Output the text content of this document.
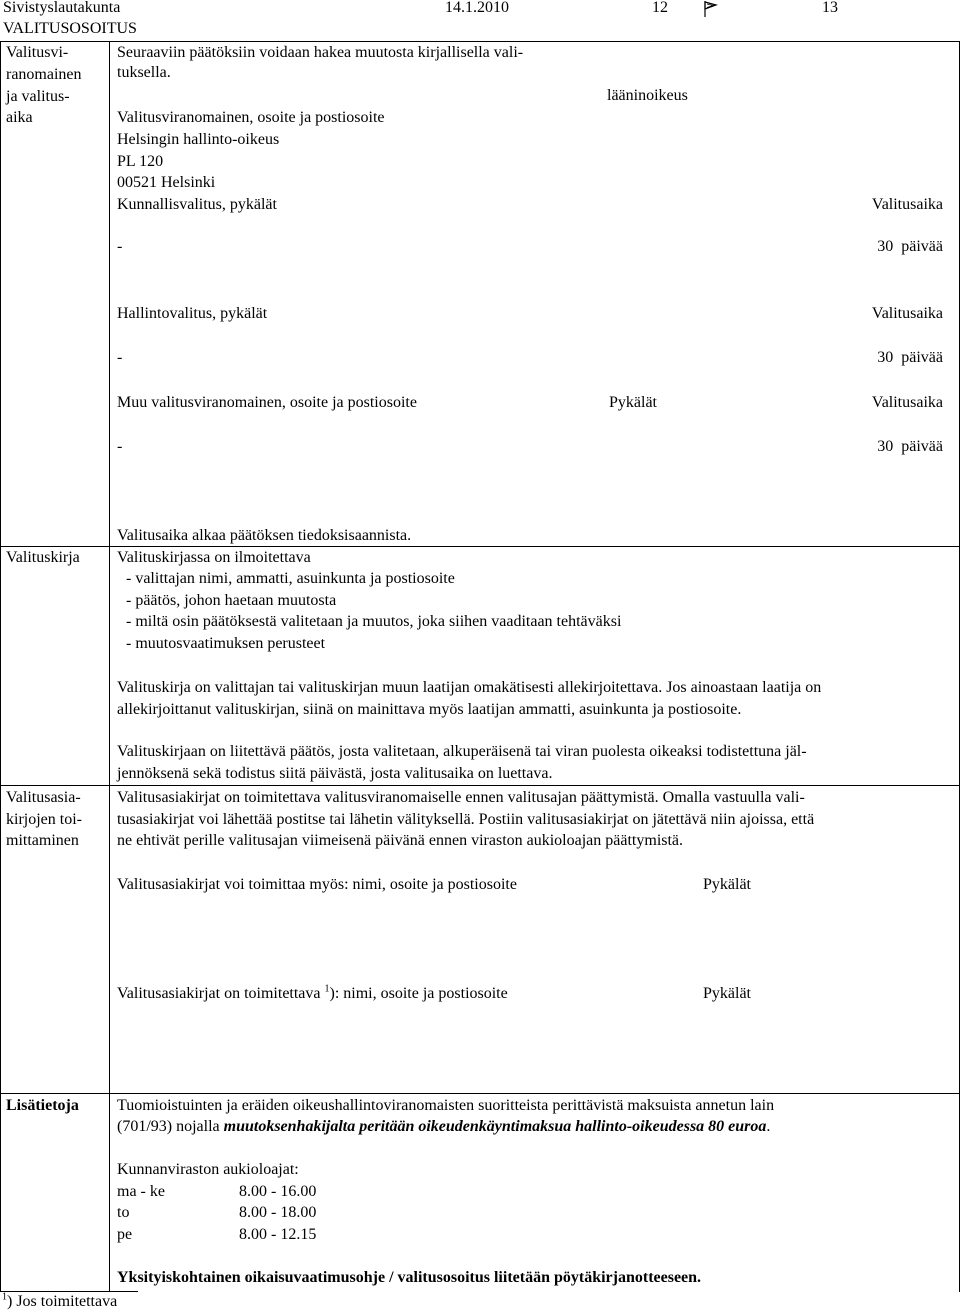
Sivistyslautakunta	14.1.2010	12	13
VALITUSOSOITUS
Valitusvi-
ranomainen
ja valitus-
aika
Seuraaviin päätöksiin voidaan hakea muutosta kirjallisella vali-
tuksella.
lääninoikeus
Valitusviranomainen, osoite ja postiosoite
Helsingin hallinto-oikeus
PL 120
00521 Helsinki
Kunnallisvalitus, pykälät	Valitusaika
-	30  päivää
Hallintovalitus, pykälät	Valitusaika
-	30  päivää
Muu valitusviranomainen, osoite ja postiosoite	Pykälät	Valitusaika
-	30  päivää
Valitusaika alkaa päätöksen tiedoksisaannista.
Valituskirja Valituskirjassa on ilmoitettava
- valittajan nimi, ammatti, asuinkunta ja postiosoite
- päätös, johon haetaan muutosta
- miltä osin päätöksestä valitetaan ja muutos, joka siihen vaaditaan tehtäväksi
- muutosvaatimuksen perusteet
Valituskirja on valittajan tai valituskirjan muun laatijan omakätisesti allekirjoitettava. Jos ainoastaan laatija on
allekirjoittanut valituskirjan, siinä on mainittava myös laatijan ammatti, asuinkunta ja postiosoite.
Valituskirjaan on liitettävä päätös, josta valitetaan, alkuperäisenä tai viran puolesta oikeaksi todistettuna jäl-
jennöksenä sekä todistus siitä päivästä, josta valitusaika on luettava.
Valitusasia-
kirjojen toi-
mittaminen
Valitusasiakirjat on toimitettava valitusviranomaiselle ennen valitusajan päättymistä. Omalla vastuulla vali-
tusasiakirjat voi lähettää postitse tai lähetin välityksellä. Postiin valitusasiakirjat on jätettävä niin ajoissa, että
ne ehtivät perille valitusajan viimeisenä päivänä ennen viraston aukioloajan päättymistä.
Valitusasiakirjat voi toimittaa myös: nimi, osoite ja postiosoite	Pykälät
Valitusasiakirjat on toimitettava $^1$): nimi, osoite ja postiosoite	Pykälät
Lisätietoja Tuomioistuinten ja eräiden oikeushallintoviranomaisten suoritteista perittävistä maksuista annetun lain
(701/93) nojalla muutoksenhakijalta peritään oikeudenkäyntimaksua hallinto-oikeudessa 80 euroa.
Kunnanviraston aukioloajat:
ma - ke	8.00 - 16.00
to	8.00 - 18.00
pe	8.00 - 12.15
Yksityiskohtainen oikaisuvaatimusohje / valitusosoitus liitetään pöytäkirjanotteeseen.
$^1$) Jos toimitettava
